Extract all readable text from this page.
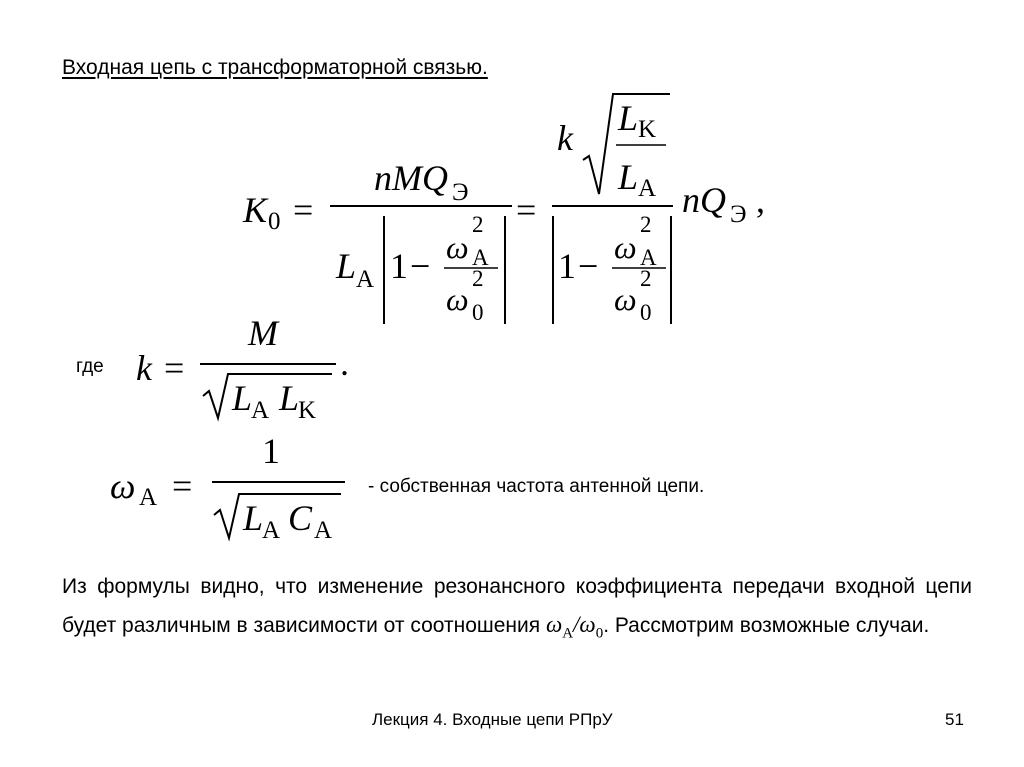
Входная цепь с трансформаторной связью.
K 0 =
nMQ Э
L A 1 − ω
2
A
ω
2
0
=
k L K
L A
1 − ω
2
A
ω
2
0
nQ Э ,
k =
M
L
A L
K
.
ω A =
1
L
A C A
где
- собственная частота антенной цепи.
Из формулы видно, что изменение резонансного коэффициента передачи входной цепи будет различным в зависимости от соотношения $\omega_A/\omega_0$. Рассмотрим возможные случаи.
Лекция 4. Входные цепи РПрУ	51
